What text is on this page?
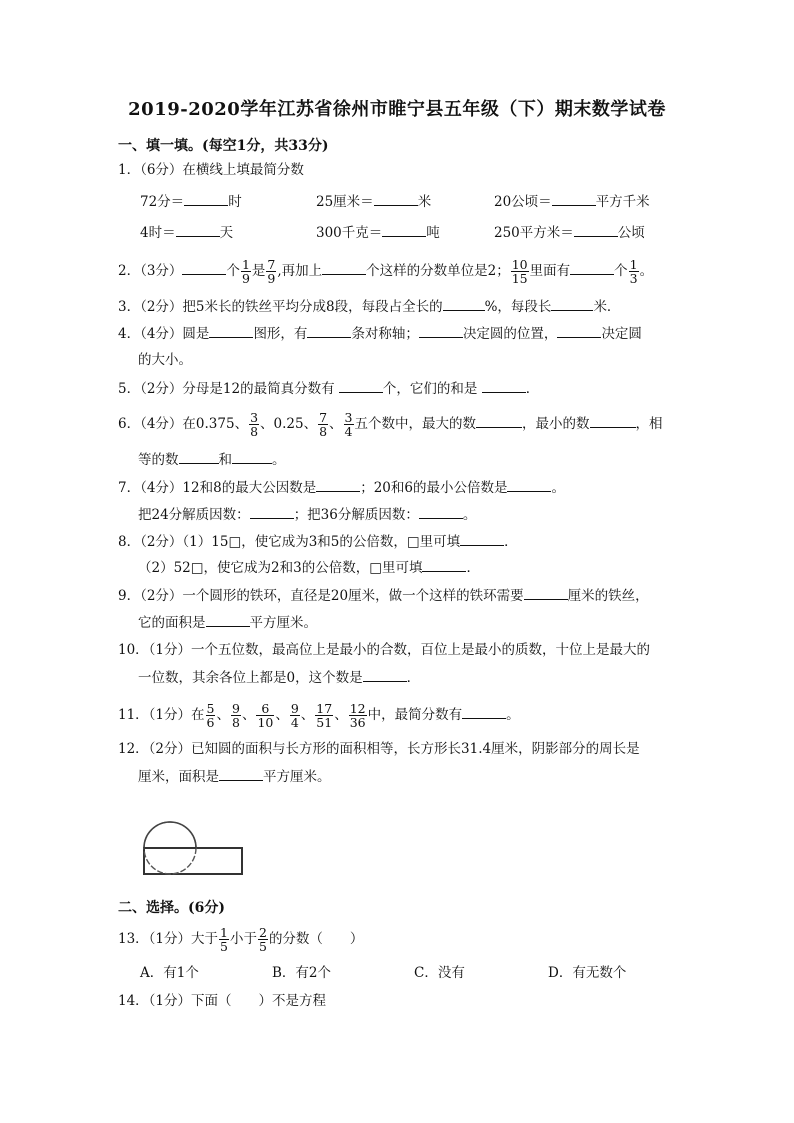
2019-2020学年江苏省徐州市睢宁县五年级（下）期末数学试卷
一、填一填。(每空1分，共33分)
1．（6分）在横线上填最简分数
72分＝	时	25厘米＝	米	20公顷＝	平方千米
4时＝	天	300千克＝	吨	250平方米＝	公顷
2．（3分）	个 $\frac{1}{9}$ 是 $\frac{7}{9}$ ,再加上	个这样的分数单位是2； $\frac{10}{15}$ 里面有	个 $\frac{1}{3}$ 。
3．（2分）把5米长的铁丝平均分成8段，每段占全长的	%，每段长	米．
4．（4分）圆是	图形，有	条对称轴；	决定圆的位置，	决定圆
的大小。
5．（2分）分母是12的最简真分数有	个，它们的和是	．
6．（4分）在0.375、 $\frac{3}{8}$ 、0.25、 $\frac{7}{8}$ 、 $\frac{3}{4}$ 五个数中，最大的数	，最小的数	，相
等的数	和	。
7．（4分）12和8的最大公因数是	；20和6的最小公倍数是	。
把24分解质因数：	；把36分解质因数：	。
8．（2分）（1）15□，使它成为3和5的公倍数，□里可填	．
（2）52□，使它成为2和3的公倍数，□里可填	．
9．（2分）一个圆形的铁环，直径是20厘米，做一个这样的铁环需要	厘米的铁丝，
它的面积是	平方厘米。
10．（1分）一个五位数，最高位上是最小的合数，百位上是最小的质数，十位上是最大的
一位数，其余各位上都是0，这个数是	．
11．（1分）在 $\frac{5}{6}$ 、 $\frac{9}{8}$ 、 $\frac{6}{10}$ 、 $\frac{9}{4}$ 、 $\frac{17}{51}$ 、 $\frac{12}{36}$ 中，最简分数有	。
12．（2分）已知圆的面积与长方形的面积相等，长方形长31.4厘米，阴影部分的周长是
厘米，面积是	平方厘米。
二、选择。(6分)
13．（1分）大于 $\frac{1}{5}$ 小于 $\frac{2}{5}$ 的分数（　　）
A．有1个	B．有2个	C．没有	D．有无数个
14．（1分）下面（　　）不是方程
